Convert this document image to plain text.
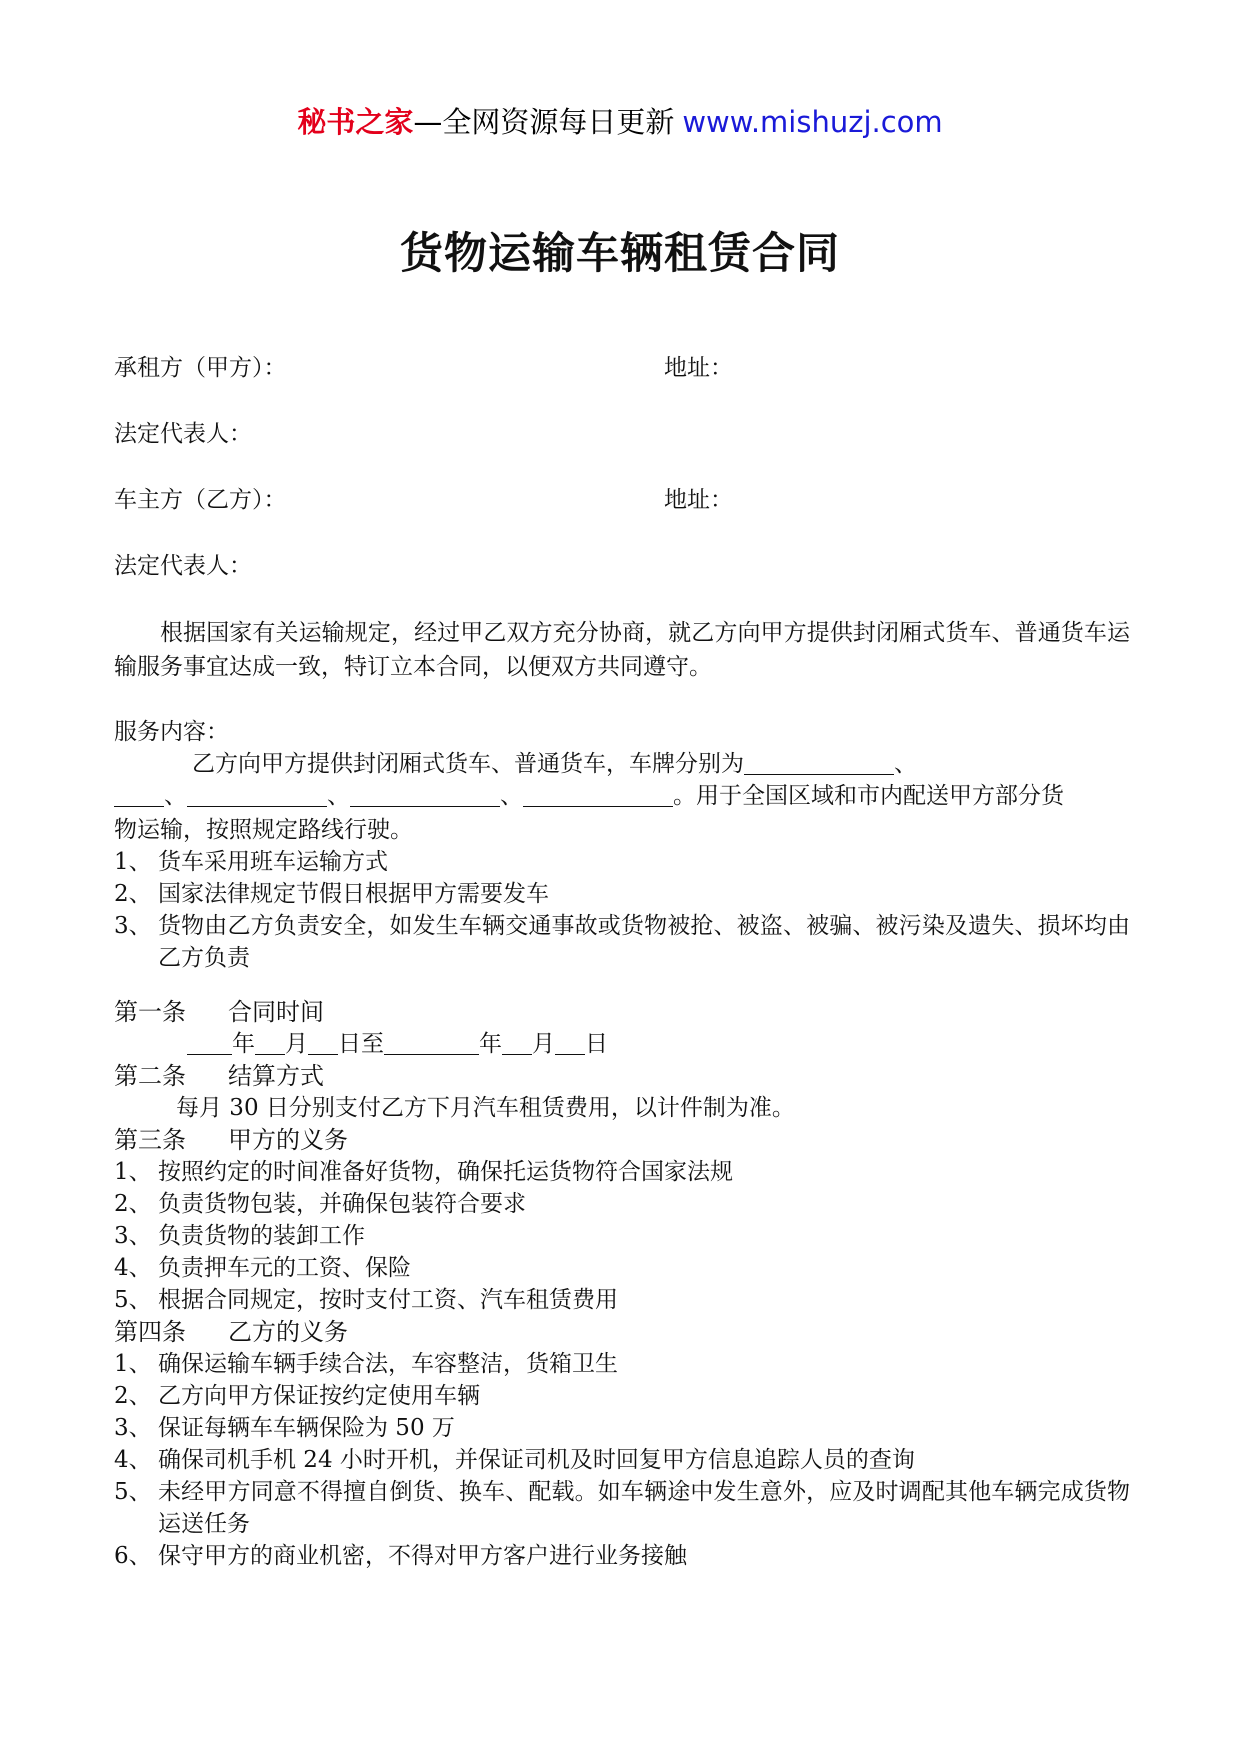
秘书之家—全网资源每日更新 www.mishuzj.com
货物运输车辆租赁合同
承租方（甲方）：	地址：
法定代表人：
车主方（乙方）：	地址：
法定代表人：
根据国家有关运输规定，经过甲乙双方充分协商，就乙方向甲方提供封闭厢式货车、普通货车运输服务事宜达成一致，特订立本合同，以便双方共同遵守。
服务内容：
乙方向甲方提供封闭厢式货车、普通货车，车牌分别为	、
、	、	、	。用于全国区域和市内配送甲方部分货
物运输，按照规定路线行驶。
1、 货车采用班车运输方式
2、 国家法律规定节假日根据甲方需要发车
3、 货物由乙方负责安全，如发生车辆交通事故或货物被抢、被盗、被骗、被污染及遗失、损坏均由乙方负责
第一条 合同时间
年 月 日至	年 月 日
第二条 结算方式
每月 30 日分别支付乙方下月汽车租赁费用，以计件制为准。
第三条 甲方的义务
1、 按照约定的时间准备好货物，确保托运货物符合国家法规
2、 负责货物包装，并确保包装符合要求
3、 负责货物的装卸工作
4、 负责押车元的工资、保险
5、 根据合同规定，按时支付工资、汽车租赁费用
第四条 乙方的义务
1、 确保运输车辆手续合法，车容整洁，货箱卫生
2、 乙方向甲方保证按约定使用车辆
3、 保证每辆车车辆保险为 50 万
4、 确保司机手机 24 小时开机，并保证司机及时回复甲方信息追踪人员的查询
5、 未经甲方同意不得擅自倒货、换车、配载。如车辆途中发生意外，应及时调配其他车辆完成货物运送任务
6、 保守甲方的商业机密，不得对甲方客户进行业务接触
